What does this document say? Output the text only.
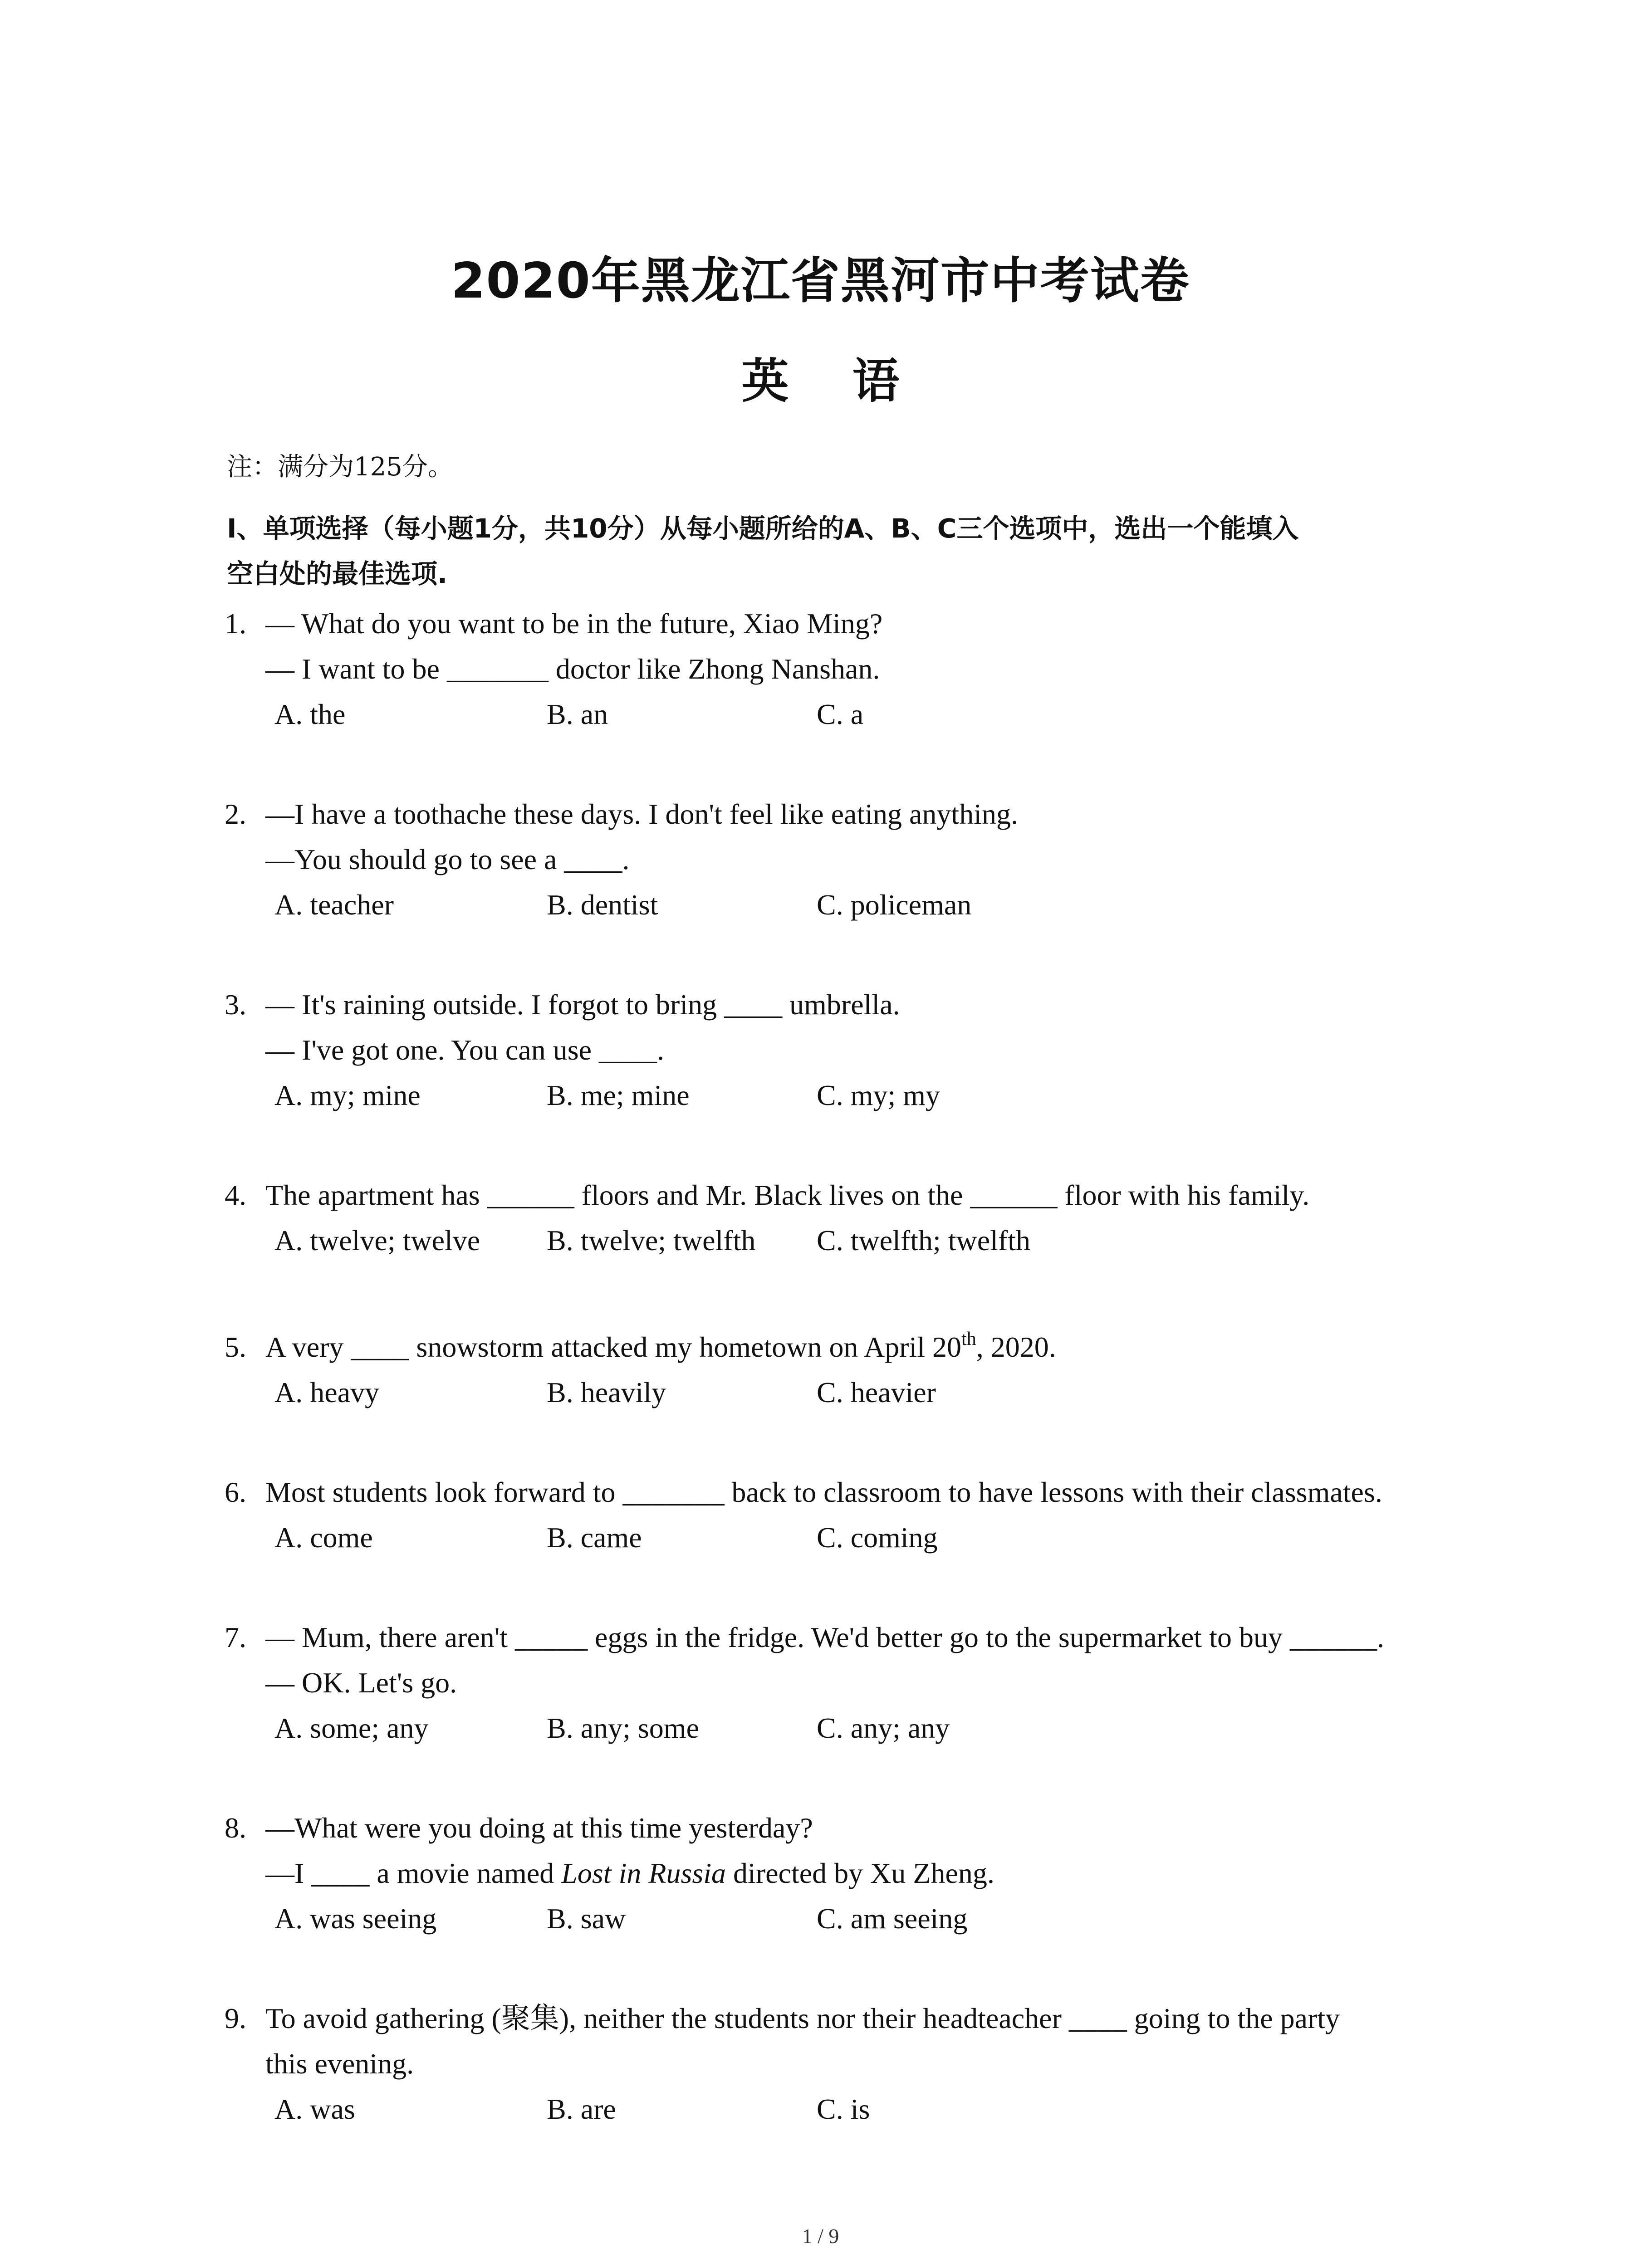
2020年黑龙江省黑河市中考试卷
英 语
注：满分为125分。
Ⅰ、单项选择（每小题1分，共10分）从每小题所给的A、B、C三个选项中，选出一个能填入
空白处的最佳选项.
1. — What do you want to be in the future, Xiao Ming?
— I want to be _______ doctor like Zhong Nanshan.
A. the	B. an	C. a
2. —I have a toothache these days. I don't feel like eating anything.
—You should go to see a ____.
A. teacher	B. dentist	C. policeman
3. — It's raining outside. I forgot to bring ____ umbrella.
— I've got one. You can use ____.
A. my; mine	B. me; mine	C. my; my
4. The apartment has ______ floors and Mr. Black lives on the ______ floor with his family.
A. twelve; twelve B. twelve; twelfth C. twelfth; twelfth
5. A very ____ snowstorm attacked my hometown on April 20th, 2020.
A. heavy	B. heavily	C. heavier
6. Most students look forward to _______ back to classroom to have lessons with their classmates.
A. come	B. came	C. coming
7. — Mum, there aren't _____ eggs in the fridge. We'd better go to the supermarket to buy ______.
— OK. Let's go.
A. some; any	B. any; some	C. any; any
8. —What were you doing at this time yesterday?
—I ____ a movie named Lost in Russia directed by Xu Zheng.
A. was seeing	B. saw	C. am seeing
9. To avoid gathering (聚集), neither the students nor their headteacher ____ going to the party
this evening.
A. was	B. are	C. is
1 / 9
